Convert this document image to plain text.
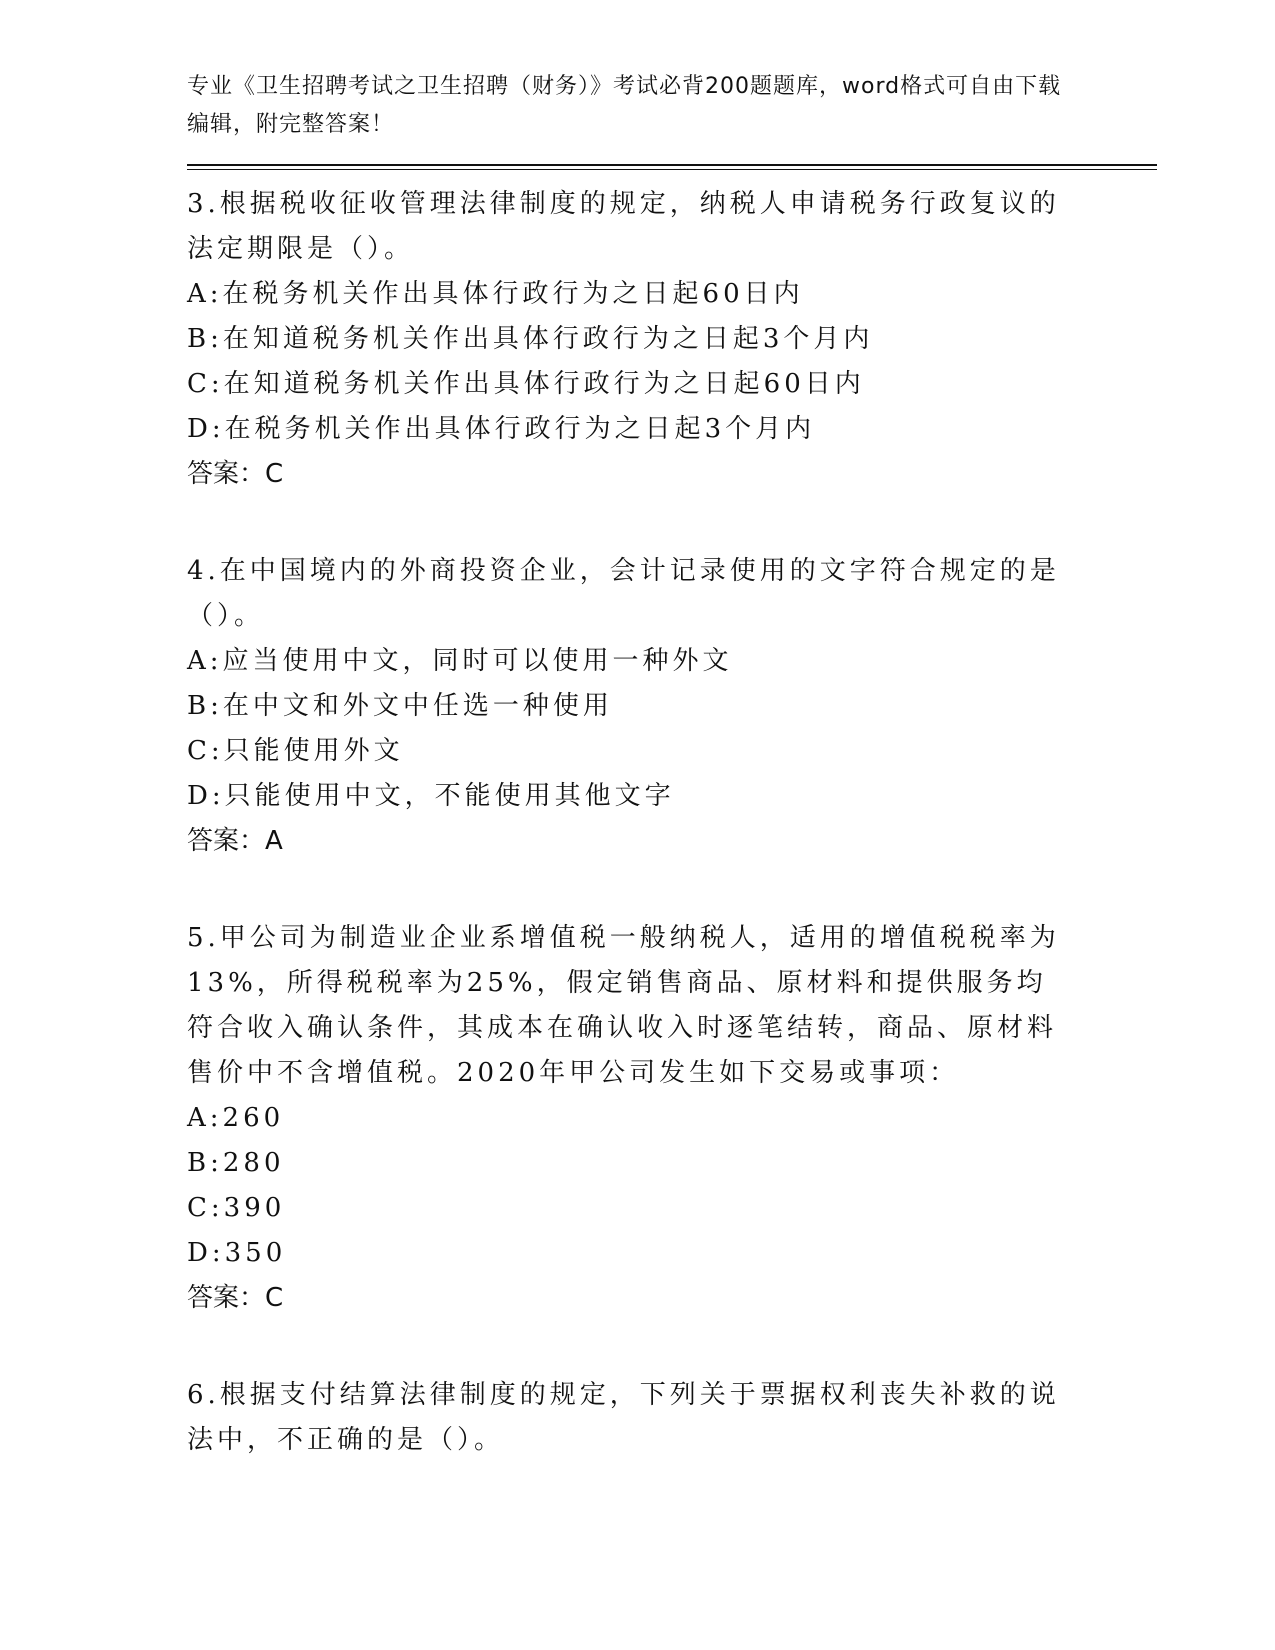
专业《卫生招聘考试之卫生招聘（财务）》考试必背200题题库，word格式可自由下载编辑，附完整答案！

3.根据税收征收管理法律制度的规定，纳税人申请税务行政复议的法定期限是（）。

A:在税务机关作出具体行政行为之日起60日内
B:在知道税务机关作出具体行政行为之日起3个月内
C:在知道税务机关作出具体行政行为之日起60日内
D:在税务机关作出具体行政行为之日起3个月内
答案：C

4.在中国境内的外商投资企业，会计记录使用的文字符合规定的是（）。

A:应当使用中文，同时可以使用一种外文
B:在中文和外文中任选一种使用
C:只能使用外文
D:只能使用中文，不能使用其他文字
答案：A

5.甲公司为制造业企业系增值税一般纳税人，适用的增值税税率为13%，所得税税率为25%，假定销售商品、原材料和提供服务均符合收入确认条件，其成本在确认收入时逐笔结转，商品、原材料售价中不含增值税。2020年甲公司发生如下交易或事项：

A:260
B:280
C:390
D:350
答案：C

6.根据支付结算法律制度的规定，下列关于票据权利丧失补救的说法中，不正确的是（）。
